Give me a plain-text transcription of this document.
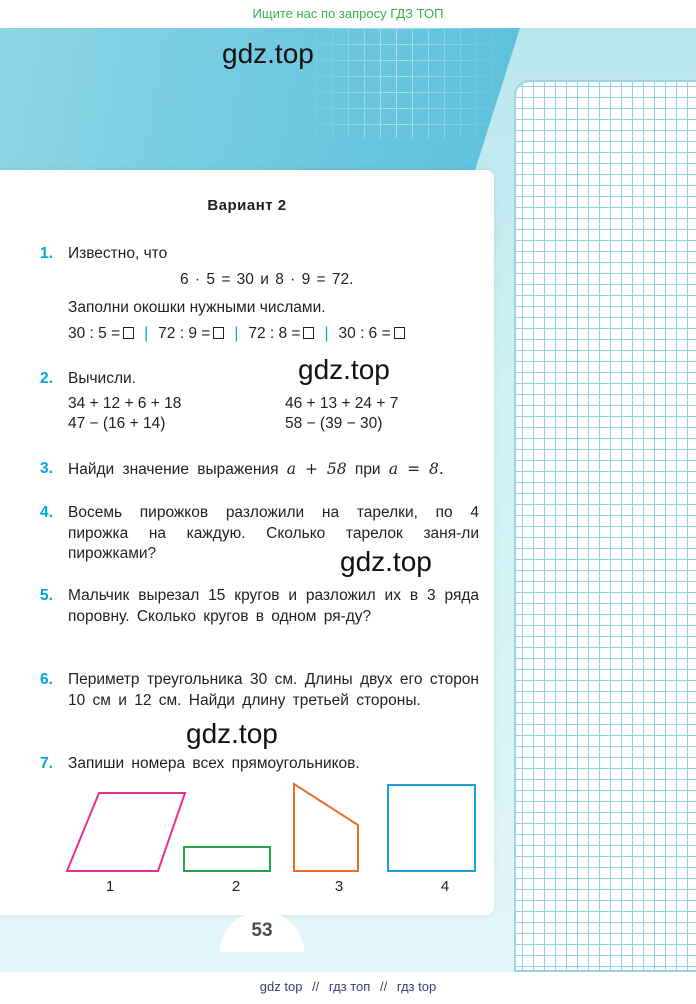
Ищите нас по запросу ГДЗ ТОП
gdz.top
Вариант 2
1. Известно, что
6 · 5 = 30 и 8 · 9 = 72.
Заполни окошки нужными числами.
30 : 5 = | 72 : 9 = | 72 : 8 = | 30 : 6 =
gdz.top
2. Вычисли.
34 + 12 + 6 + 18	46 + 13 + 24 + 7
47 − (16 + 14)	58 − (39 − 30)
3. Найди значение выражения a + 58 при a = 8.
4. Восемь пирожков разложили на тарелки, по 4 пирожка на каждую. Сколько тарелок заня-ли пирожками?	gdz.top
5. Мальчик вырезал 15 кругов и разложил их в 3 ряда поровну. Сколько кругов в одном ря-ду?
6. Периметр треугольника 30 см. Длины двух его сторон 10 см и 12 см. Найди длину третьей стороны.
gdz.top
7. Запиши номера всех прямоугольников.
1	2	3	4
53
gdz top // гдз топ // гдз top
